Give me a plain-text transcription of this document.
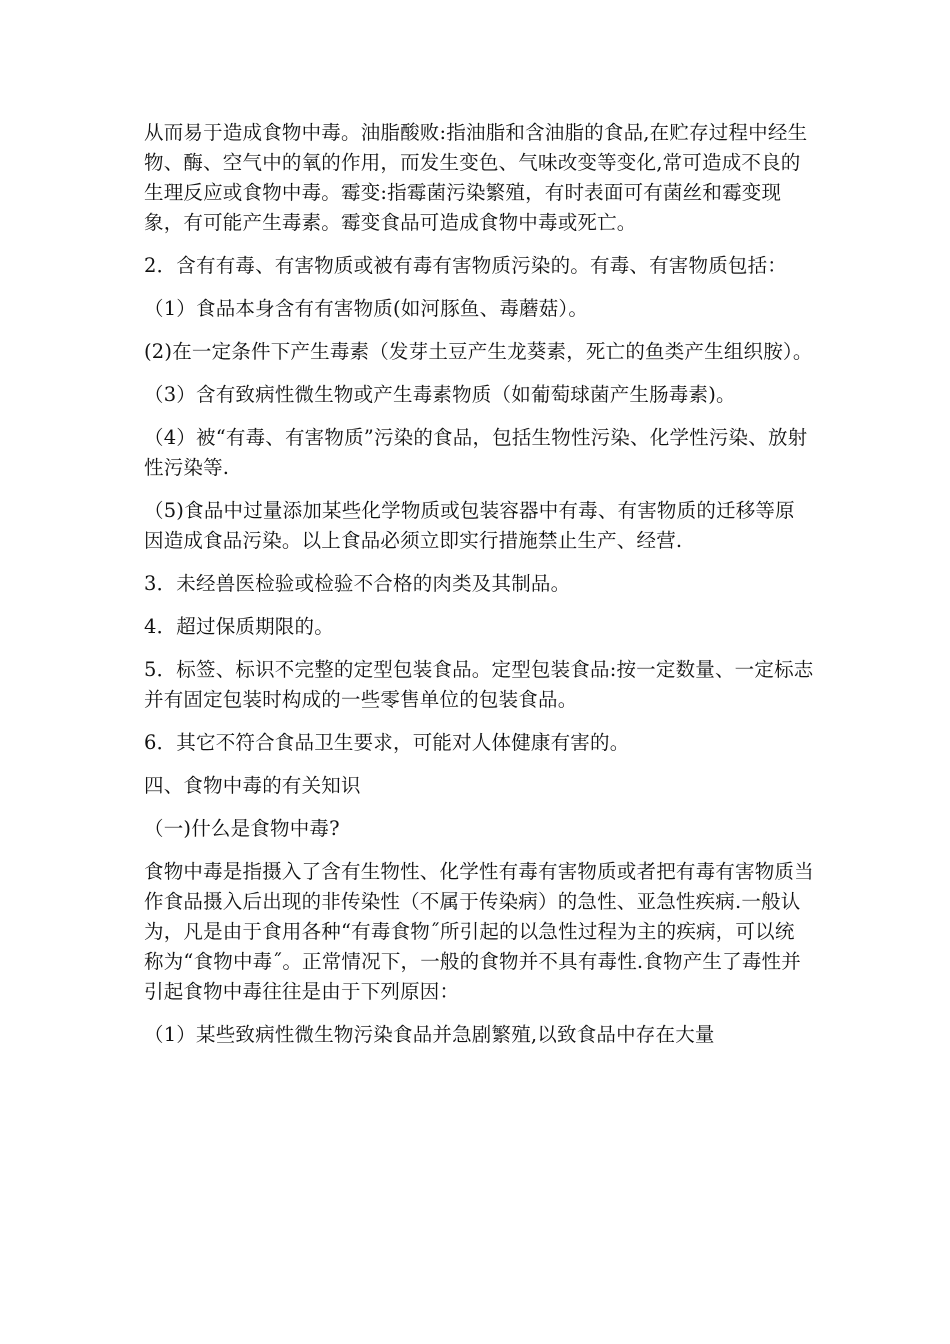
从而易于造成食物中毒。油脂酸败:指油脂和含油脂的食品,在贮存过程中经生物、酶、空气中的氧的作用，而发生变色、气味改变等变化,常可造成不良的生理反应或食物中毒。霉变:指霉菌污染繁殖，有时表面可有菌丝和霉变现象，有可能产生毒素。霉变食品可造成食物中毒或死亡。

2．含有有毒、有害物质或被有毒有害物质污染的。有毒、有害物质包括：

（1）食品本身含有有害物质(如河豚鱼、毒蘑菇）。

(2)在一定条件下产生毒素（发芽土豆产生龙葵素，死亡的鱼类产生组织胺）。

（3）含有致病性微生物或产生毒素物质（如葡萄球菌产生肠毒素)。

（4）被“有毒、有害物质”污染的食品，包括生物性污染、化学性污染、放射性污染等.

（5)食品中过量添加某些化学物质或包装容器中有毒、有害物质的迁移等原因造成食品污染。以上食品必须立即实行措施禁止生产、经营.

3．未经兽医检验或检验不合格的肉类及其制品。

4．超过保质期限的。

5．标签、标识不完整的定型包装食品。定型包装食品:按一定数量、一定标志并有固定包装时构成的一些零售单位的包装食品。

6．其它不符合食品卫生要求，可能对人体健康有害的。

四、食物中毒的有关知识

（一)什么是食物中毒?

食物中毒是指摄入了含有生物性、化学性有毒有害物质或者把有毒有害物质当作食品摄入后出现的非传染性（不属于传染病）的急性、亚急性疾病.一般认为，凡是由于食用各种“有毒食物˝所引起的以急性过程为主的疾病，可以统称为“食物中毒˝。正常情况下，一般的食物并不具有毒性.食物产生了毒性并引起食物中毒往往是由于下列原因：

（1）某些致病性微生物污染食品并急剧繁殖,以致食品中存在大量
